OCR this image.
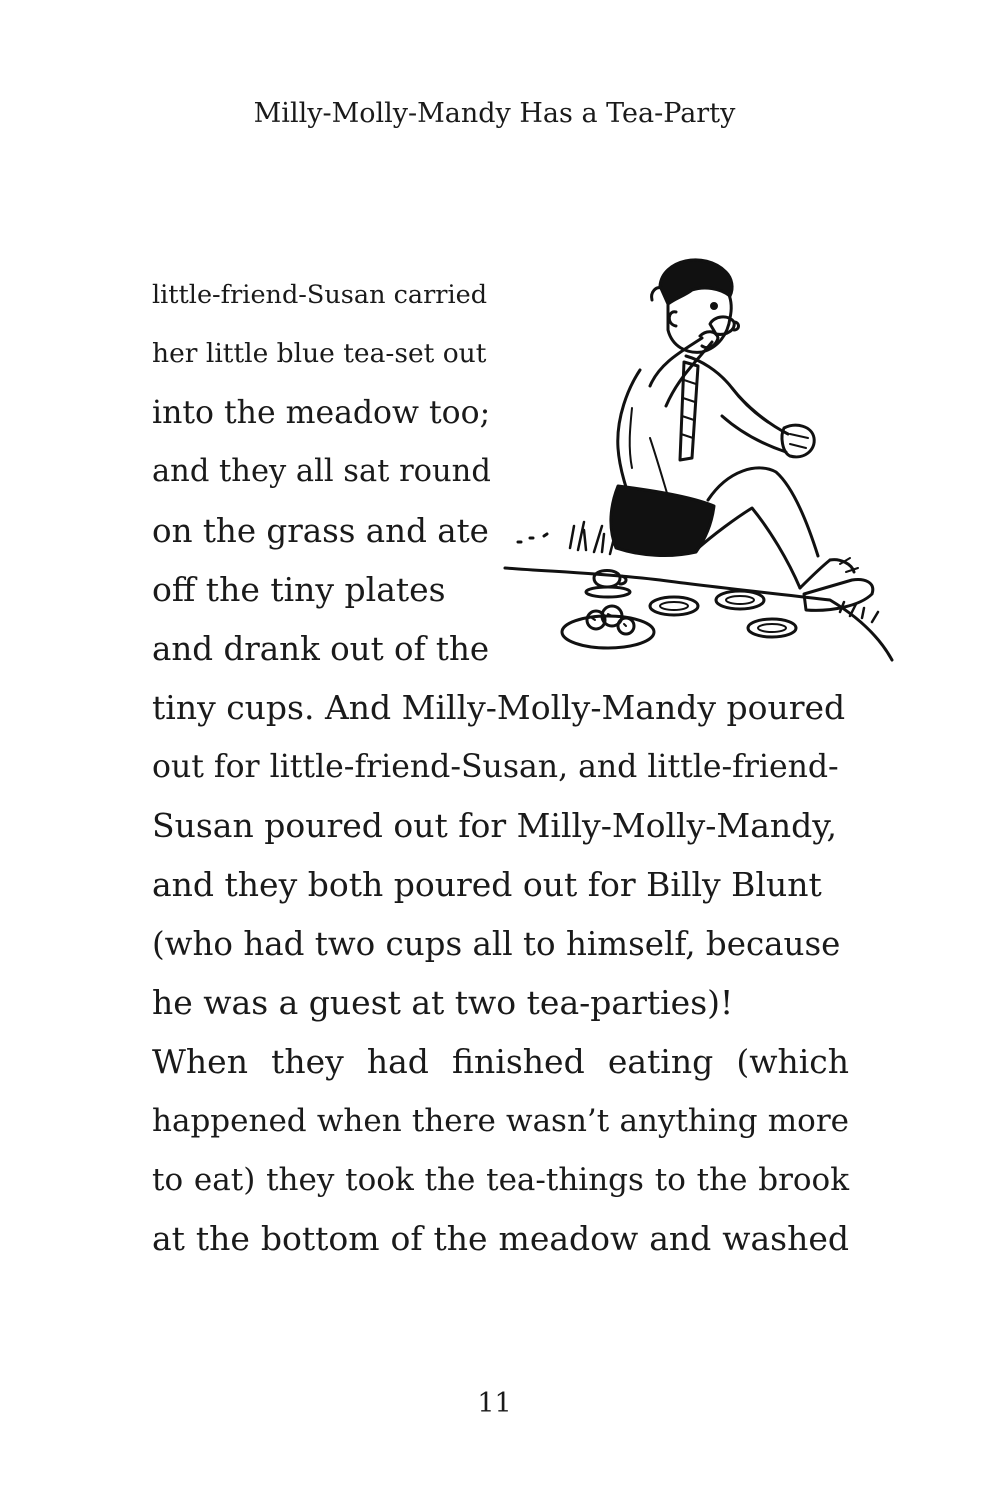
Milly-Molly-Mandy Has a Tea-Party
little-friend-Susan carried
her little blue tea-set out
into the meadow too;
and they all sat round
on the grass and ate
off the tiny plates
and drank out of the
tiny cups. And Milly-Molly-Mandy poured
out for little-friend-Susan, and little-friend-
Susan poured out for Milly-Molly-Mandy,
and they both poured out for Billy Blunt
(who had two cups all to himself, because
he was a guest at two tea-parties)!
When they had finished eating (which
happened when there wasn’t anything more
to eat) they took the tea-things to the brook
at the bottom of the meadow and washed
11
